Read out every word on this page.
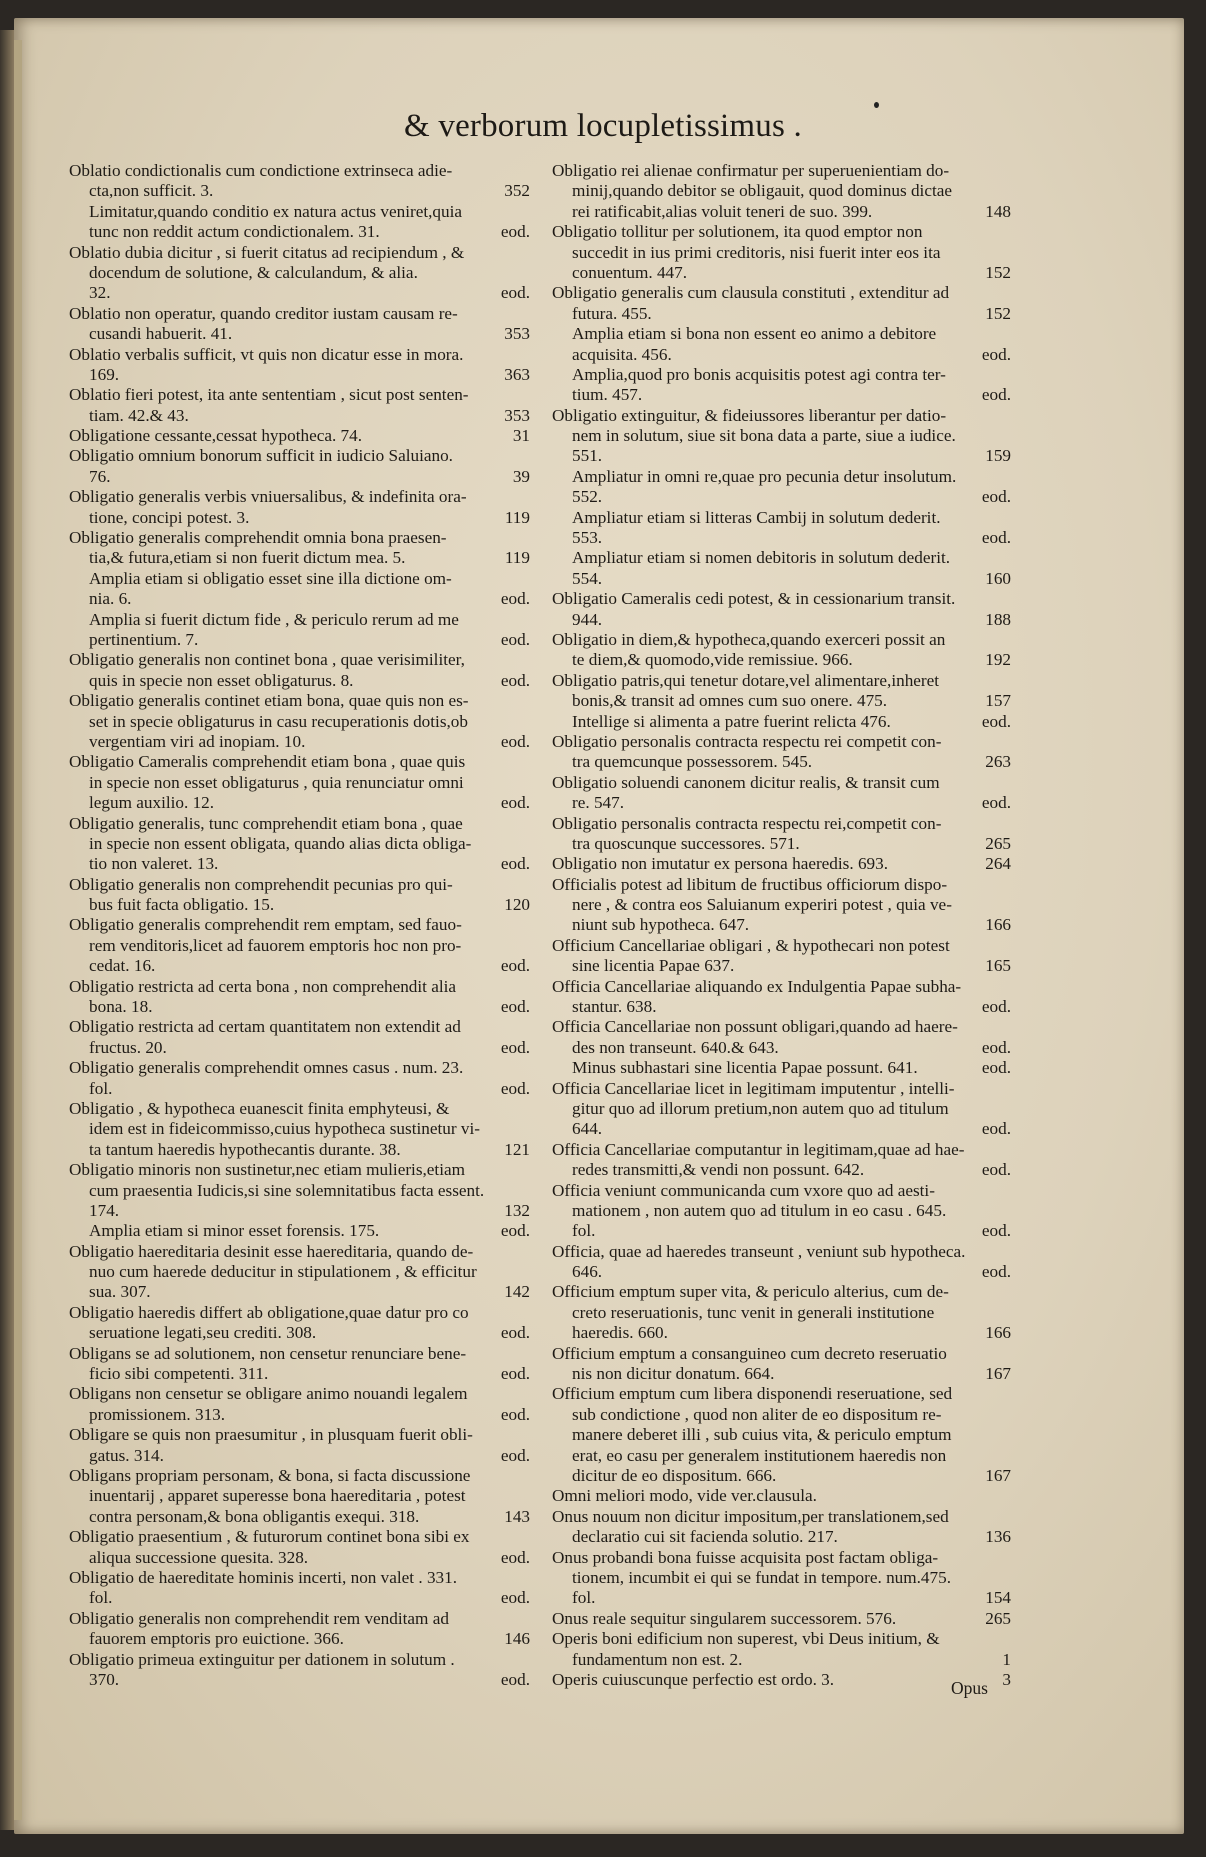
& verborum locupletissimus .
Oblatio condictionalis cum condictione extrinseca adie-
cta,non sufficit. 3.	352
Limitatur,quando conditio ex natura actus veniret,quia
tunc non reddit actum condictionalem. 31.	eod.
Oblatio dubia dicitur , si fuerit citatus ad recipiendum , &
docendum de solutione, & calculandum, & alia.
32.	eod.
Oblatio non operatur, quando creditor iustam causam re-
cusandi habuerit. 41.	353
Oblatio verbalis sufficit, vt quis non dicatur esse in mora.
169.	363
Oblatio fieri potest, ita ante sententiam , sicut post senten-
tiam. 42.& 43.	353
Obligatione cessante,cessat hypotheca. 74.	31
Obligatio omnium bonorum sufficit in iudicio Saluiano.
76.	39
Obligatio generalis verbis vniuersalibus, & indefinita ora-
tione, concipi potest. 3.	119
Obligatio generalis comprehendit omnia bona praesen-
tia,& futura,etiam si non fuerit dictum mea. 5.	119
Amplia etiam si obligatio esset sine illa dictione om-
nia. 6.	eod.
Amplia si fuerit dictum fide , & periculo rerum ad me
pertinentium. 7.	eod.
Obligatio generalis non continet bona , quae verisimiliter,
quis in specie non esset obligaturus. 8.	eod.
Obligatio generalis continet etiam bona, quae quis non es-
set in specie obligaturus in casu recuperationis dotis,ob
vergentiam viri ad inopiam. 10.	eod.
Obligatio Cameralis comprehendit etiam bona , quae quis
in specie non esset obligaturus , quia renunciatur omni
legum auxilio. 12.	eod.
Obligatio generalis, tunc comprehendit etiam bona , quae
in specie non essent obligata, quando alias dicta obliga-
tio non valeret. 13.	eod.
Obligatio generalis non comprehendit pecunias pro qui-
bus fuit facta obligatio. 15.	120
Obligatio generalis comprehendit rem emptam, sed fauo-
rem venditoris,licet ad fauorem emptoris hoc non pro-
cedat. 16.	eod.
Obligatio restricta ad certa bona , non comprehendit alia
bona. 18.	eod.
Obligatio restricta ad certam quantitatem non extendit ad
fructus. 20.	eod.
Obligatio generalis comprehendit omnes casus . num. 23.
fol.	eod.
Obligatio , & hypotheca euanescit finita emphyteusi, &
idem est in fideicommisso,cuius hypotheca sustinetur vi-
ta tantum haeredis hypothecantis durante. 38.	121
Obligatio minoris non sustinetur,nec etiam mulieris,etiam
cum praesentia Iudicis,si sine solemnitatibus facta essent.
174.	132
Amplia etiam si minor esset forensis. 175.	eod.
Obligatio haereditaria desinit esse haereditaria, quando de-
nuo cum haerede deducitur in stipulationem , & efficitur
sua. 307.	142
Obligatio haeredis differt ab obligatione,quae datur pro co
seruatione legati,seu crediti. 308.	eod.
Obligans se ad solutionem, non censetur renunciare bene-
ficio sibi competenti. 311.	eod.
Obligans non censetur se obligare animo nouandi legalem
promissionem. 313.	eod.
Obligare se quis non praesumitur , in plusquam fuerit obli-
gatus. 314.	eod.
Obligans propriam personam, & bona, si facta discussione
inuentarij , apparet superesse bona haereditaria , potest
contra personam,& bona obligantis exequi. 318.	143
Obligatio praesentium , & futurorum continet bona sibi ex
aliqua successione quesita. 328.	eod.
Obligatio de haereditate hominis incerti, non valet . 331.
fol.	eod.
Obligatio generalis non comprehendit rem venditam ad
fauorem emptoris pro euictione. 366.	146
Obligatio primeua extinguitur per dationem in solutum .
370.	eod.
Obligatio rei alienae confirmatur per superuenientiam do-
minij,quando debitor se obligauit, quod dominus dictae
rei ratificabit,alias voluit teneri de suo. 399.	148
Obligatio tollitur per solutionem, ita quod emptor non
succedit in ius primi creditoris, nisi fuerit inter eos ita
conuentum. 447.	152
Obligatio generalis cum clausula constituti , extenditur ad
futura. 455.	152
Amplia etiam si bona non essent eo animo a debitore
acquisita. 456.	eod.
Amplia,quod pro bonis acquisitis potest agi contra ter-
tium. 457.	eod.
Obligatio extinguitur, & fideiussores liberantur per datio-
nem in solutum, siue sit bona data a parte, siue a iudice.
551.	159
Ampliatur in omni re,quae pro pecunia detur insolutum.
552.	eod.
Ampliatur etiam si litteras Cambij in solutum dederit.
553.	eod.
Ampliatur etiam si nomen debitoris in solutum dederit.
554.	160
Obligatio Cameralis cedi potest, & in cessionarium transit.
944.	188
Obligatio in diem,& hypotheca,quando exerceri possit an
te diem,& quomodo,vide remissiue. 966.	192
Obligatio patris,qui tenetur dotare,vel alimentare,inheret
bonis,& transit ad omnes cum suo onere. 475.	157
Intellige si alimenta a patre fuerint relicta 476.	eod.
Obligatio personalis contracta respectu rei competit con-
tra quemcunque possessorem. 545.	263
Obligatio soluendi canonem dicitur realis, & transit cum
re. 547.	eod.
Obligatio personalis contracta respectu rei,competit con-
tra quoscunque successores. 571.	265
Obligatio non imutatur ex persona haeredis. 693.	264
Officialis potest ad libitum de fructibus officiorum dispo-
nere , & contra eos Saluianum experiri potest , quia ve-
niunt sub hypotheca. 647.	166
Officium Cancellariae obligari , & hypothecari non potest
sine licentia Papae 637.	165
Officia Cancellariae aliquando ex Indulgentia Papae subha-
stantur. 638.	eod.
Officia Cancellariae non possunt obligari,quando ad haere-
des non transeunt. 640.& 643.	eod.
Minus subhastari sine licentia Papae possunt. 641.	eod.
Officia Cancellariae licet in legitimam imputentur , intelli-
gitur quo ad illorum pretium,non autem quo ad titulum
644.	eod.
Officia Cancellariae computantur in legitimam,quae ad hae-
redes transmitti,& vendi non possunt. 642.	eod.
Officia veniunt communicanda cum vxore quo ad aesti-
mationem , non autem quo ad titulum in eo casu . 645.
fol.	eod.
Officia, quae ad haeredes transeunt , veniunt sub hypotheca.
646.	eod.
Officium emptum super vita, & periculo alterius, cum de-
creto reseruationis, tunc venit in generali institutione
haeredis. 660.	166
Officium emptum a consanguineo cum decreto reseruatio
nis non dicitur donatum. 664.	167
Officium emptum cum libera disponendi reseruatione, sed
sub condictione , quod non aliter de eo dispositum re-
manere deberet illi , sub cuius vita, & periculo emptum
erat, eo casu per generalem institutionem haeredis non
dicitur de eo dispositum. 666.	167
Omni meliori modo, vide ver.clausula.
Onus nouum non dicitur impositum,per translationem,sed
declaratio cui sit facienda solutio. 217.	136
Onus probandi bona fuisse acquisita post factam obliga-
tionem, incumbit ei qui se fundat in tempore. num.475.
fol.	154
Onus reale sequitur singularem successorem. 576.	265
Operis boni edificium non superest, vbi Deus initium, &
fundamentum non est. 2.	1
Operis cuiuscunque perfectio est ordo. 3.	3
Opus
